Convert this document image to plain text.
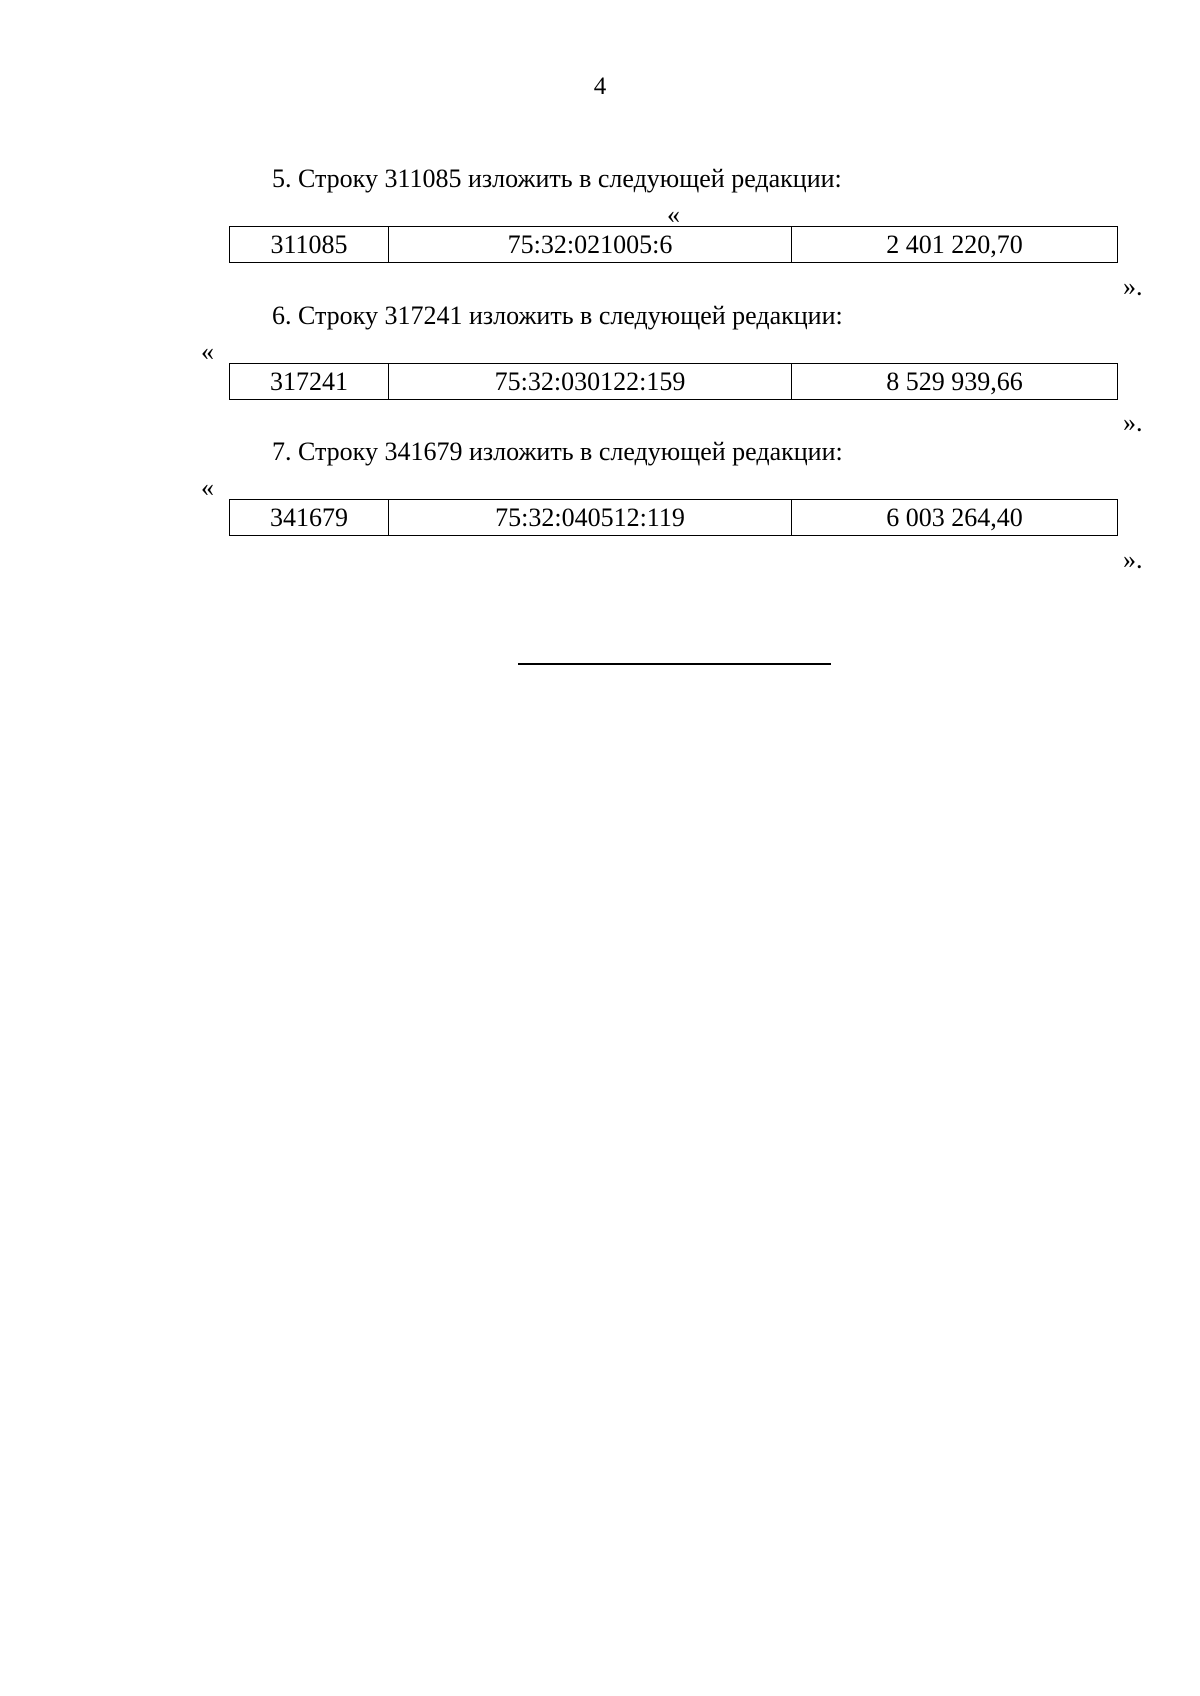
4
5. Строку 311085 изложить в следующей редакции:
«
311085	75:32:021005:6	2 401 220,70
».
6. Строку 317241 изложить в следующей редакции:
«
317241	75:32:030122:159	8 529 939,66
».
7. Строку 341679 изложить в следующей редакции:
«
341679	75:32:040512:119	6 003 264,40
».
